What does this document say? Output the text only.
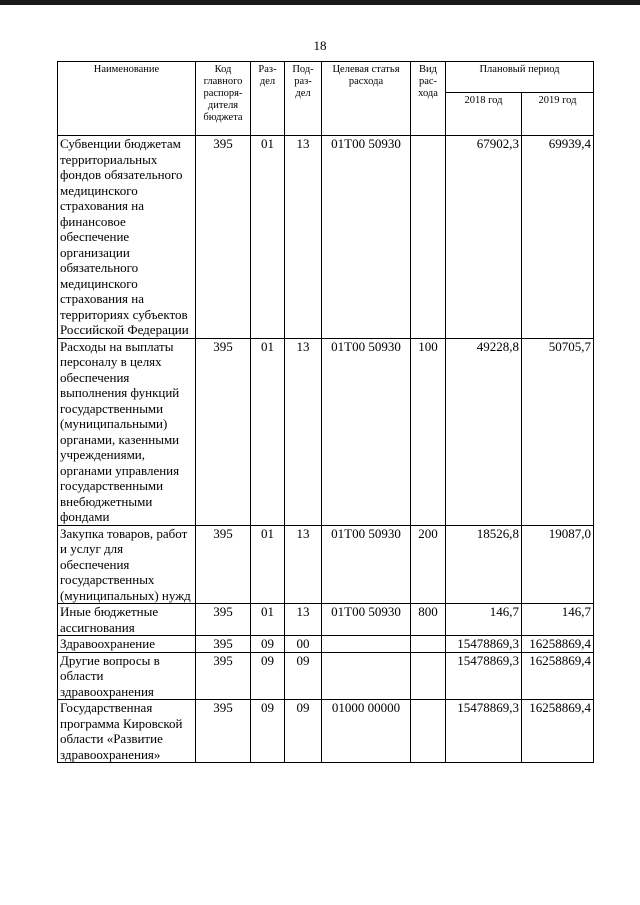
18
Наименование	Код главного распоря-дителя бюджета	Раз-дел	Под-раз-дел	Целевая статья расхода	Вид рас-хода	Плановый период	
						2018 год	2019 год
Субвенции бюджетам территориальных фондов обязательного медицинского страхования на финансовое обеспечение организации обязательного медицинского страхования на территориях субъектов Российской Федерации	395	01	13	01Т00 50930		67902,3	69939,4
Расходы на выплаты персоналу в целях обеспечения выполнения функций государственными (муниципальными) органами, казенными учреждениями, органами управления государственными внебюджетными фондами	395	01	13	01Т00 50930	100	49228,8	50705,7
Закупка товаров, работ и услуг для обеспечения государственных (муниципальных) нужд	395	01	13	01Т00 50930	200	18526,8	19087,0
Иные бюджетные ассигнования	395	01	13	01Т00 50930	800	146,7	146,7
Здравоохранение	395	09	00			15478869,3	16258869,4
Другие вопросы в области здравоохранения	395	09	09			15478869,3	16258869,4
Государственная программа Кировской области «Развитие здравоохранения»	395	09	09	01000 00000		15478869,3	16258869,4
